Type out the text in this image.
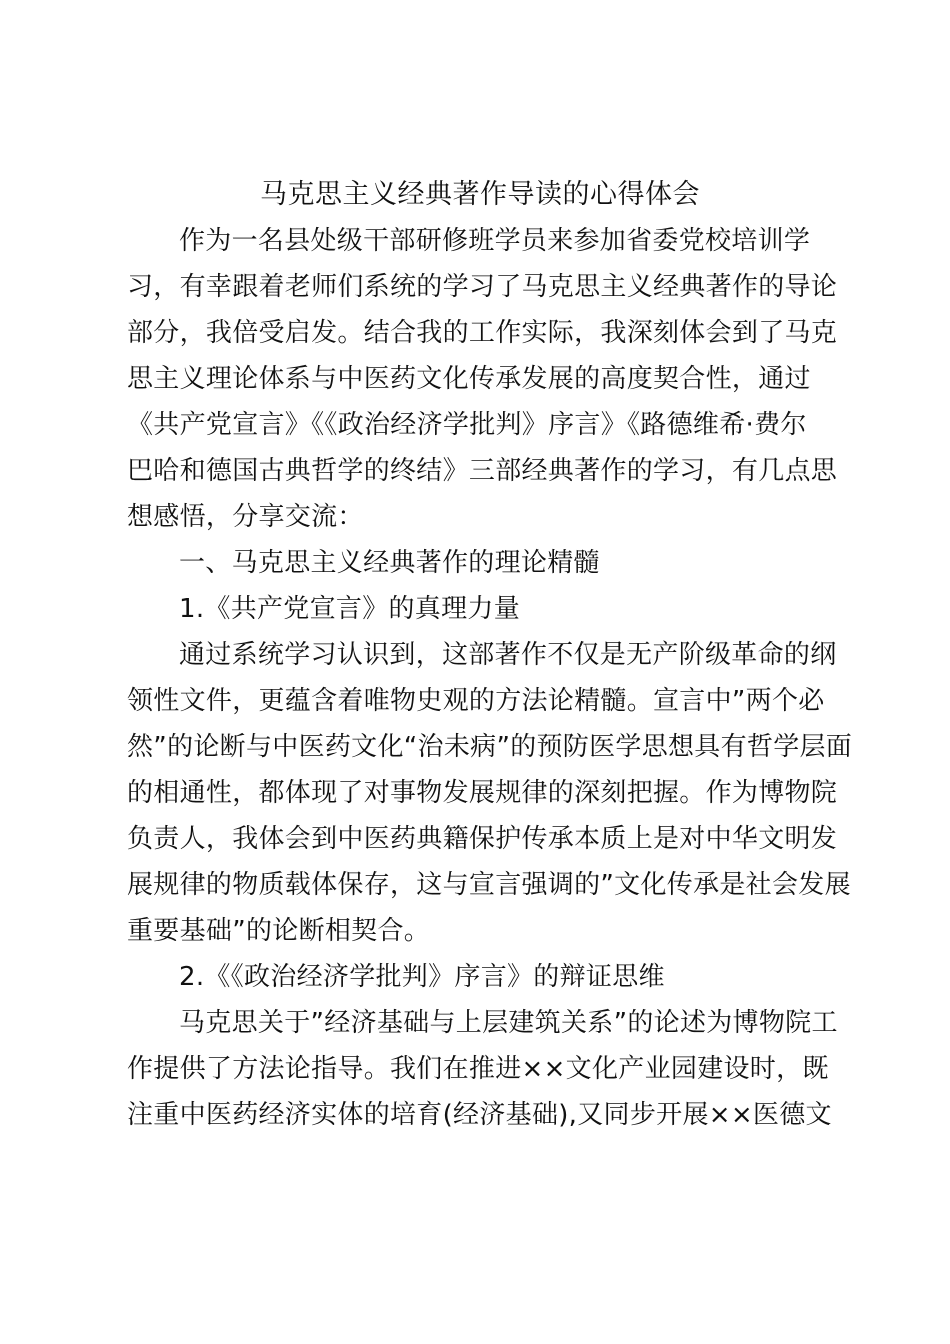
马克思主义经典著作导读的心得体会
作为一名县处级干部研修班学员来参加省委党校培训学
习，有幸跟着老师们系统的学习了马克思主义经典著作的导论
部分，我倍受启发。结合我的工作实际，我深刻体会到了马克
思主义理论体系与中医药文化传承发展的高度契合性，通过
《共产党宣言》《《政治经济学批判》序言》《路德维希·费尔
巴哈和德国古典哲学的终结》三部经典著作的学习，有几点思
想感悟，分享交流：
一、马克思主义经典著作的理论精髓
1.《共产党宣言》的真理力量
通过系统学习认识到，这部著作不仅是无产阶级革命的纲
领性文件，更蕴含着唯物史观的方法论精髓。宣言中”两个必
然”的论断与中医药文化“治未病”的预防医学思想具有哲学层面
的相通性，都体现了对事物发展规律的深刻把握。作为博物院
负责人，我体会到中医药典籍保护传承本质上是对中华文明发
展规律的物质载体保存，这与宣言强调的”文化传承是社会发展
重要基础”的论断相契合。
2.《《政治经济学批判》序言》的辩证思维
马克思关于”经济基础与上层建筑关系”的论述为博物院工
作提供了方法论指导。我们在推进××文化产业园建设时，既
注重中医药经济实体的培育(经济基础),又同步开展××医德文
